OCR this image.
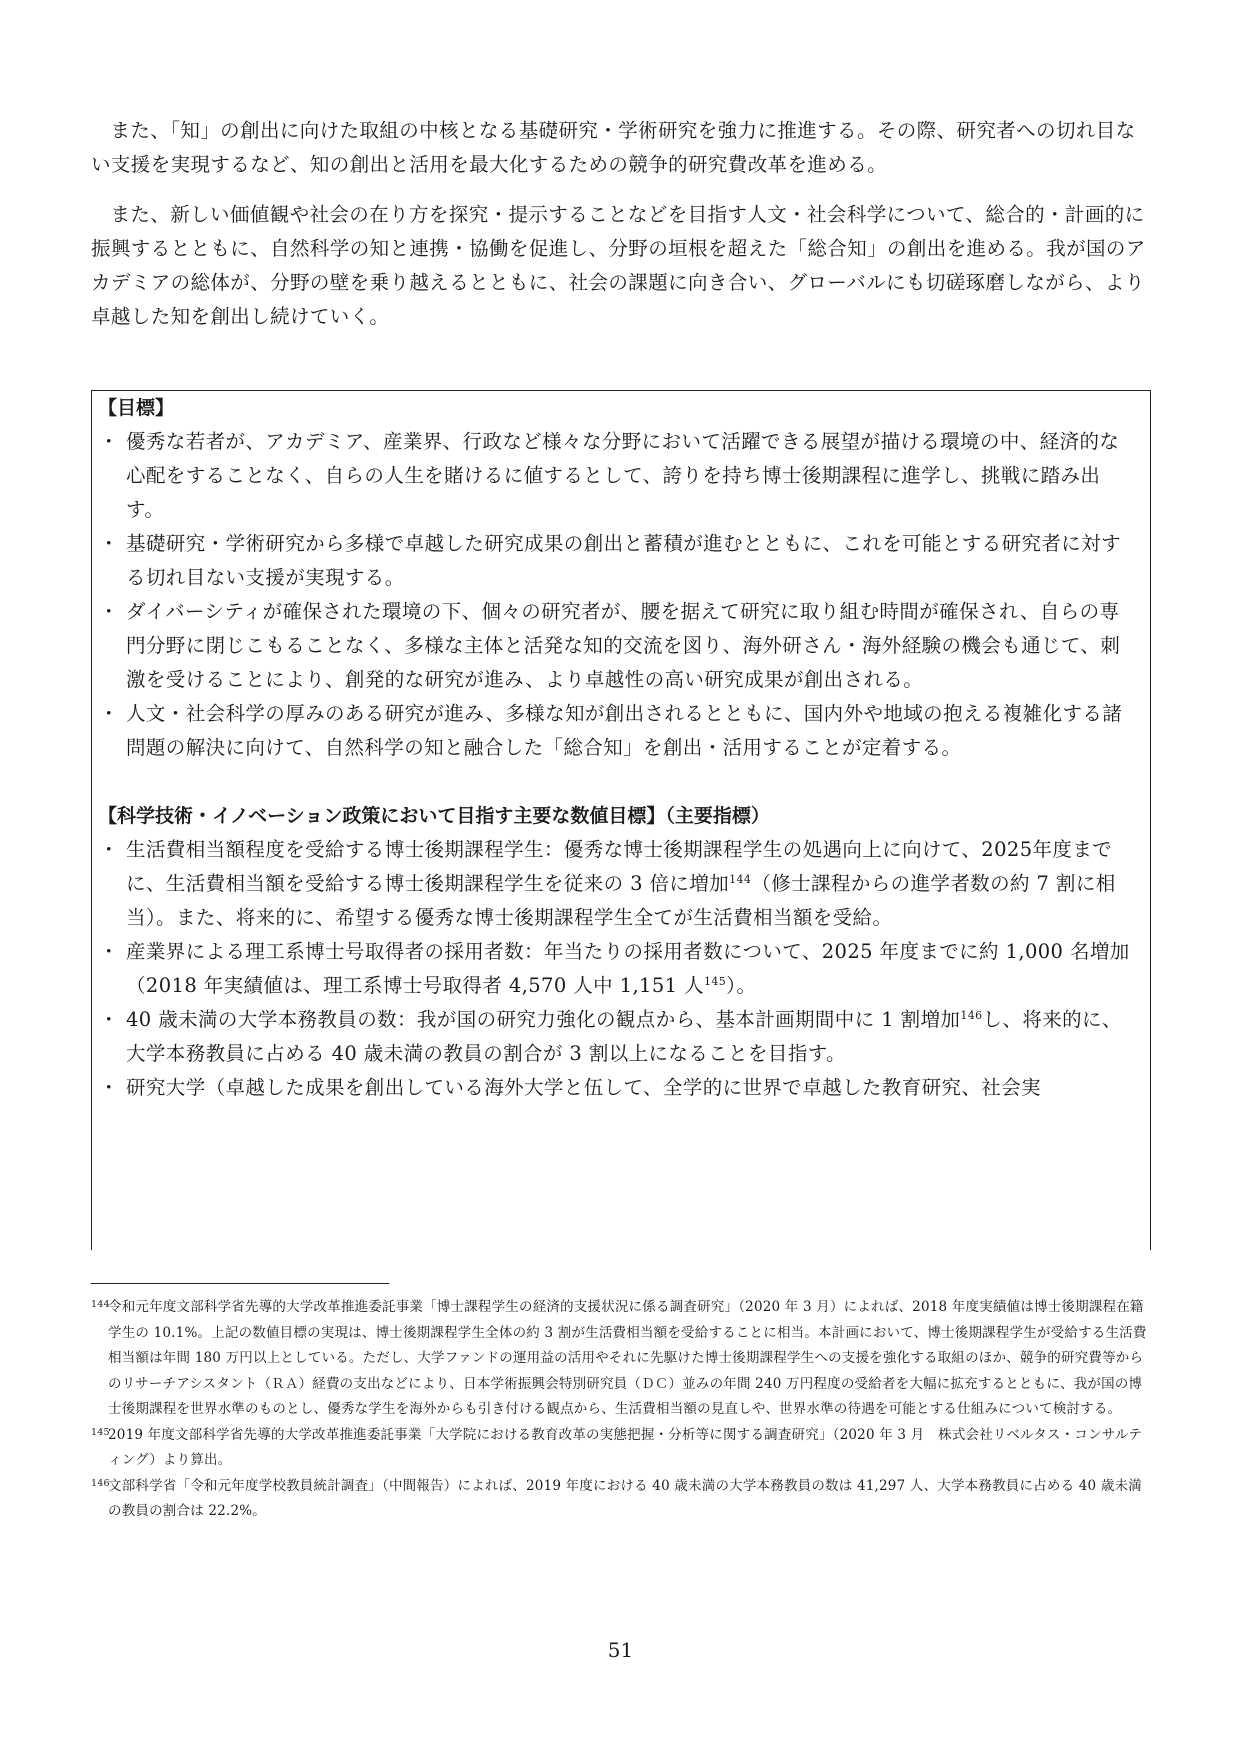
また、「知」の創出に向けた取組の中核となる基礎研究・学術研究を強力に推進する。その際、研究者への切れ目ない支援を実現するなど、知の創出と活用を最大化するための競争的研究費改革を進める。

また、新しい価値観や社会の在り方を探究・提示することなどを目指す人文・社会科学について、総合的・計画的に振興するとともに、自然科学の知と連携・協働を促進し、分野の垣根を超えた「総合知」の創出を進める。我が国のアカデミアの総体が、分野の壁を乗り越えるとともに、社会の課題に向き合い、グローバルにも切磋琢磨しながら、より卓越した知を創出し続けていく。

【目標】
・ 優秀な若者が、アカデミア、産業界、行政など様々な分野において活躍できる展望が描ける環境の中、経済的な心配をすることなく、自らの人生を賭けるに値するとして、誇りを持ち博士後期課程に進学し、挑戦に踏み出す。
・ 基礎研究・学術研究から多様で卓越した研究成果の創出と蓄積が進むとともに、これを可能とする研究者に対する切れ目ない支援が実現する。
・ ダイバーシティが確保された環境の下、個々の研究者が、腰を据えて研究に取り組む時間が確保され、自らの専門分野に閉じこもることなく、多様な主体と活発な知的交流を図り、海外研さん・海外経験の機会も通じて、刺激を受けることにより、創発的な研究が進み、より卓越性の高い研究成果が創出される。
・ 人文・社会科学の厚みのある研究が進み、多様な知が創出されるとともに、国内外や地域の抱える複雑化する諸問題の解決に向けて、自然科学の知と融合した「総合知」を創出・活用することが定着する。
【科学技術・イノベーション政策において目指す主要な数値目標】（主要指標）
・ 生活費相当額程度を受給する博士後期課程学生：優秀な博士後期課程学生の処遇向上に向けて、2025年度までに、生活費相当額を受給する博士後期課程学生を従来の 3 倍に増加$^{144}$（修士課程からの進学者数の約 7 割に相当）。また、将来的に、希望する優秀な博士後期課程学生全てが生活費相当額を受給。
・ 産業界による理工系博士号取得者の採用者数：年当たりの採用者数について、2025 年度までに約 1,000 名増加（2018 年実績値は、理工系博士号取得者 4,570 人中 1,151 人$^{145}$）。
・ 40 歳未満の大学本務教員の数：我が国の研究力強化の観点から、基本計画期間中に 1 割増加$^{146}$し、将来的に、大学本務教員に占める 40 歳未満の教員の割合が 3 割以上になることを目指す。
・ 研究大学（卓越した成果を創出している海外大学と伍して、全学的に世界で卓越した教育研究、社会実
144
令和元年度文部科学省先導的大学改革推進委託事業「博士課程学生の経済的支援状況に係る調査研究」（2020 年 3 月）によれば、2018 年度実績値は博士後期課程在籍学生の 10.1%。上記の数値目標の実現は、博士後期課程学生全体の約 3 割が生活費相当額を受給することに相当。本計画において、博士後期課程学生が受給する生活費相当額は年間 180 万円以上としている。ただし、大学ファンドの運用益の活用やそれに先駆けた博士後期課程学生への支援を強化する取組のほか、競争的研究費等からのリサーチアシスタント（ＲＡ）経費の支出などにより、日本学術振興会特別研究員（ＤＣ）並みの年間 240 万円程度の受給者を大幅に拡充するとともに、我が国の博士後期課程を世界水準のものとし、優秀な学生を海外からも引き付ける観点から、生活費相当額の見直しや、世界水準の待遇を可能とする仕組みについて検討する。
145
2019 年度文部科学省先導的大学改革推進委託事業「大学院における教育改革の実態把握・分析等に関する調査研究」（2020 年 3 月　株式会社リベルタス・コンサルティング）より算出。
146
文部科学省「令和元年度学校教員統計調査」（中間報告）によれば、2019 年度における 40 歳未満の大学本務教員の数は 41,297 人、大学本務教員に占める 40 歳未満の教員の割合は 22.2%。
51
